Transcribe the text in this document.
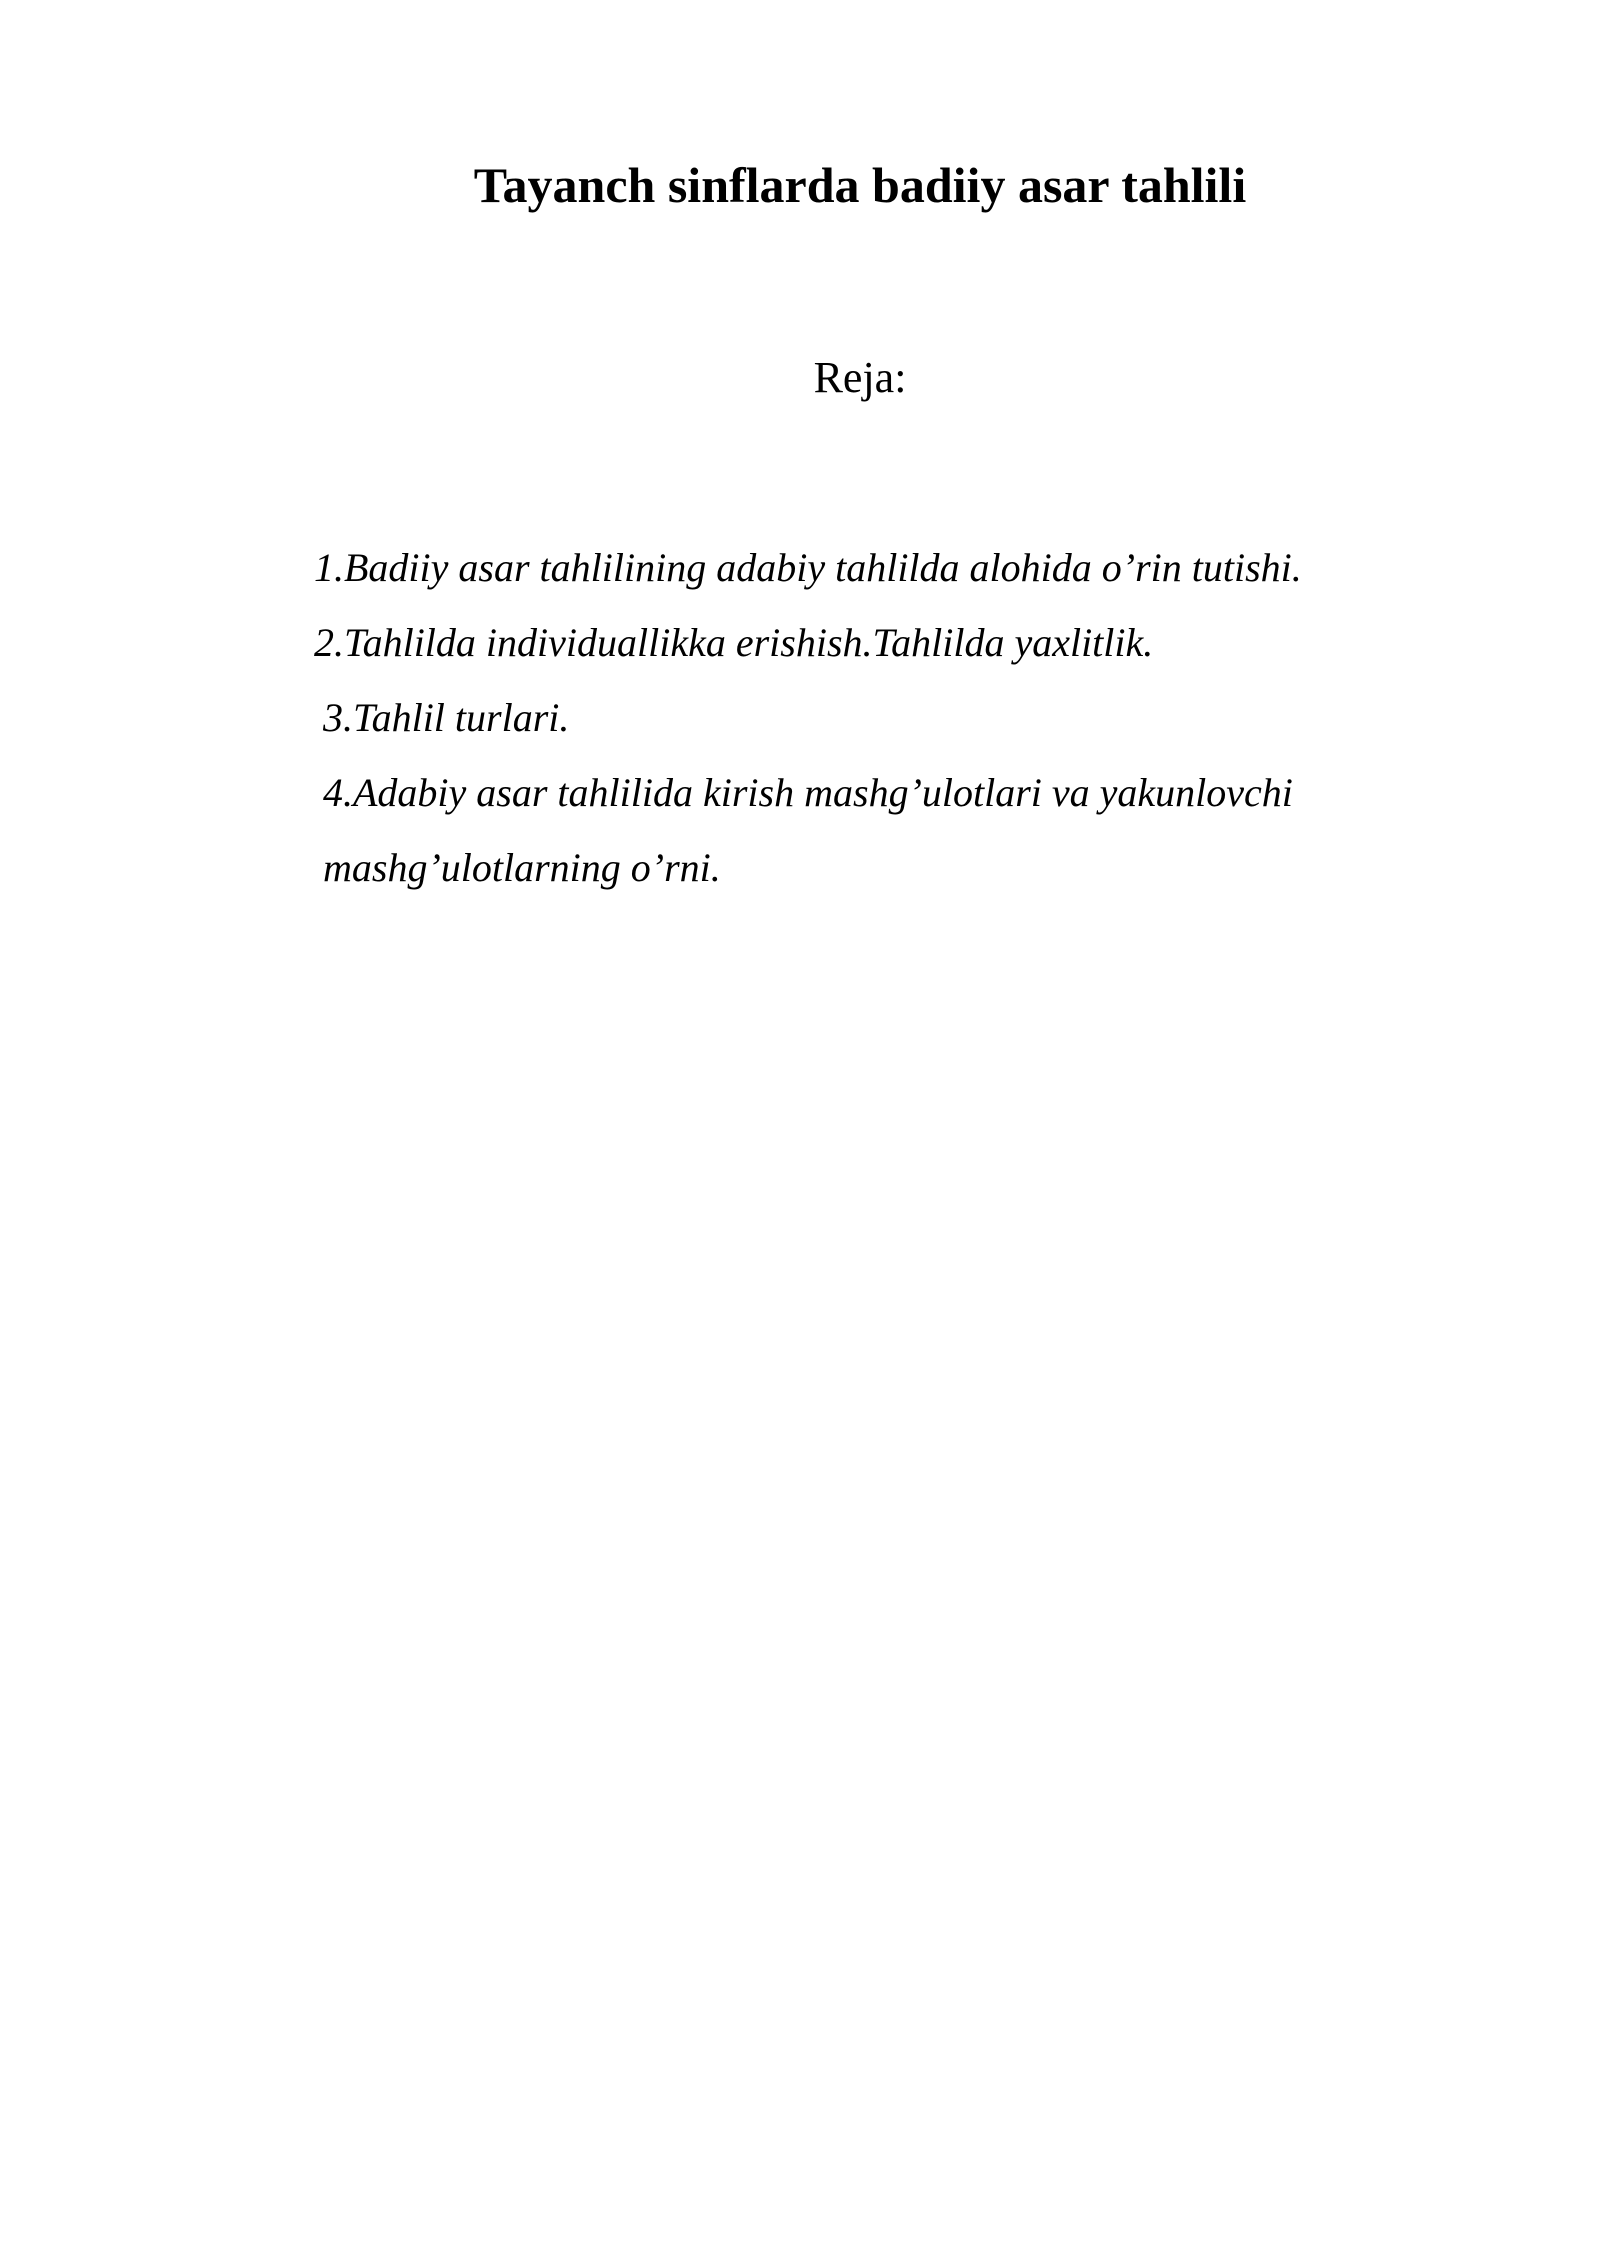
Tayanch sinflarda badiiy asar tahlili
Reja:
1.Badiiy asar tahlilining adabiy tahlilda alohida o’rin tutishi.
2.Tahlilda individuallikka erishish.Tahlilda yaxlitlik.
3.Tahlil turlari.
4.Adabiy asar tahlilida kirish mashg’ulotlari va yakunlovchi mashg’ulotlarning o’rni.
